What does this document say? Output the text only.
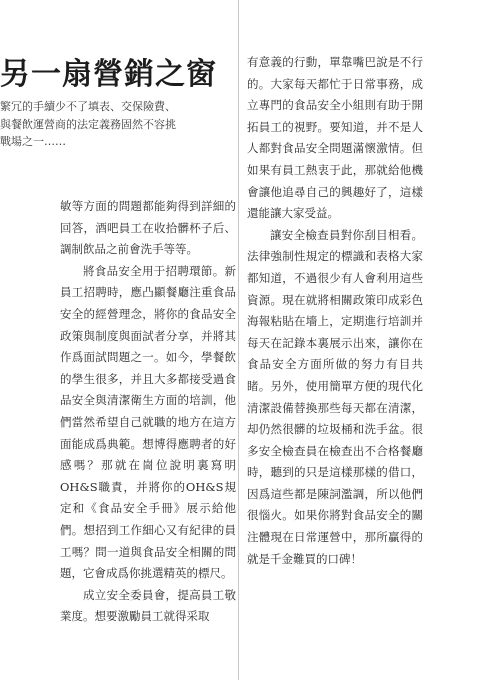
另一扇營銷之窗
繁冗的手續少不了填表、交保險費、
與餐飲運營商的法定義務固然不容挑
戰場之一……

敏等方面的問題都能夠得到詳細的回答，酒吧員工在收拾髒杯子后、調制飲品之前會洗手等等。

將食品安全用于招聘環節。新員工招聘時，應凸顯餐廳注重食品安全的經營理念，將你的食品安全政策與制度與面試者分享，并將其作爲面試問題之一。如今，學餐飲的學生很多，并且大多都接受過食品安全與清潔衛生方面的培訓，他們當然希望自己就職的地方在這方面能成爲典範。想博得應聘者的好感嗎？那就在崗位說明裏寫明OH&S職責，并將你的OH&S規定和《食品安全手冊》展示給他們。想招到工作細心又有紀律的員工嗎？問一道與食品安全相關的問題，它會成爲你挑選精英的標尺。

成立安全委員會，提高員工敬業度。想要激勵員工就得采取

有意義的行動，單靠嘴巴說是不行的。大家每天都忙于日常事務，成立專門的食品安全小組則有助于開拓員工的視野。要知道，并不是人人都對食品安全問題滿懷激情。但如果有員工熱衷于此，那就給他機會讓他追尋自己的興趣好了，這樣還能讓大家受益。

讓安全檢查員對你刮目相看。法律強制性規定的標識和表格大家都知道，不過很少有人會利用這些資源。現在就將相關政策印成彩色海報粘貼在墻上，定期進行培訓并每天在記錄本裏展示出來，讓你在食品安全方面所做的努力有目共睹。另外，使用簡單方便的現代化清潔設備替換那些每天都在清潔，却仍然很髒的垃圾桶和洗手盆。很多安全檢查員在檢查出不合格餐廳時，聽到的只是這樣那樣的借口，因爲這些都是陳詞濫調，所以他們很惱火。如果你將對食品安全的關注體現在日常運營中，那所贏得的就是千金難買的口碑！
